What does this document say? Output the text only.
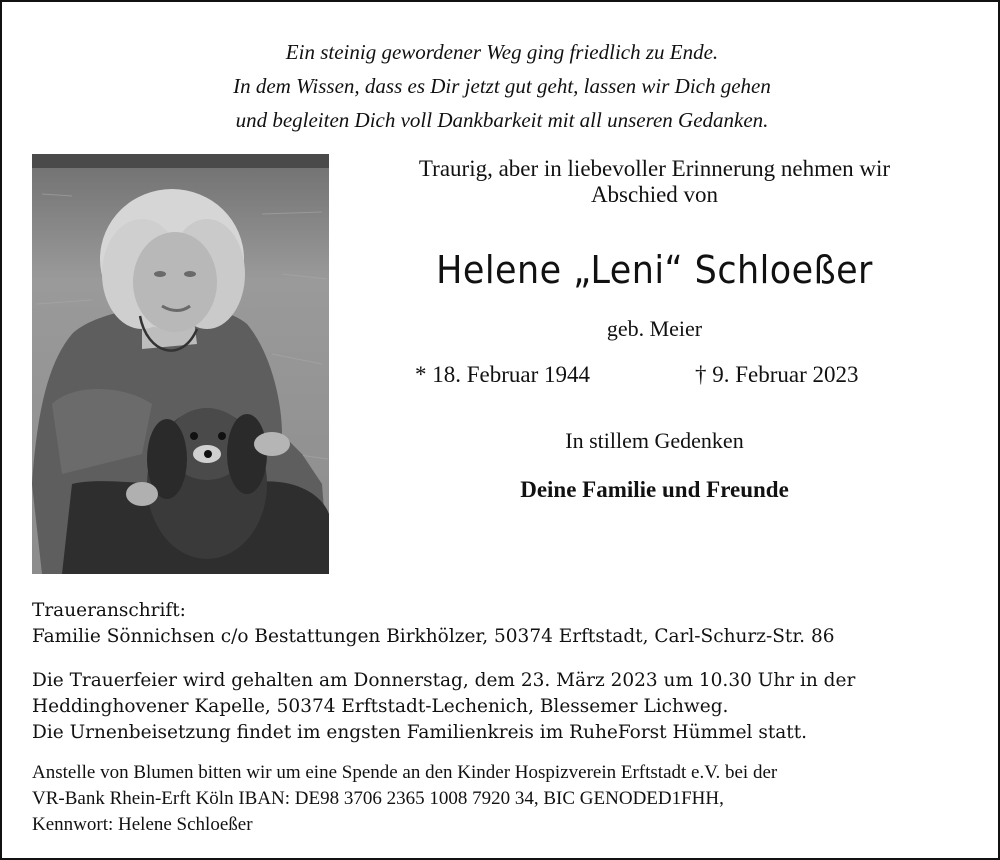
Ein steinig gewordener Weg ging friedlich zu Ende.
In dem Wissen, dass es Dir jetzt gut geht, lassen wir Dich gehen
und begleiten Dich voll Dankbarkeit mit all unseren Gedanken.
Traurig, aber in liebevoller Erinnerung nehmen wir
Abschied von
Helene „Leni“ Schloeßer
geb. Meier
* 18. Februar 1944	† 9. Februar 2023
In stillem Gedenken
Deine Familie und Freunde
Traueranschrift:
Familie Sönnichsen c/o Bestattungen Birkhölzer, 50374 Erftstadt, Carl-Schurz-Str. 86
Die Trauerfeier wird gehalten am Donnerstag, dem 23. März 2023 um 10.30 Uhr in der
Heddinghovener Kapelle, 50374 Erftstadt-Lechenich, Blessemer Lichweg.
Die Urnenbeisetzung findet im engsten Familienkreis im RuheForst Hümmel statt.
Anstelle von Blumen bitten wir um eine Spende an den Kinder Hospizverein Erftstadt e.V. bei der
VR-Bank Rhein-Erft Köln IBAN: DE98 3706 2365 1008 7920 34, BIC GENODED1FHH,
Kennwort: Helene Schloeßer
